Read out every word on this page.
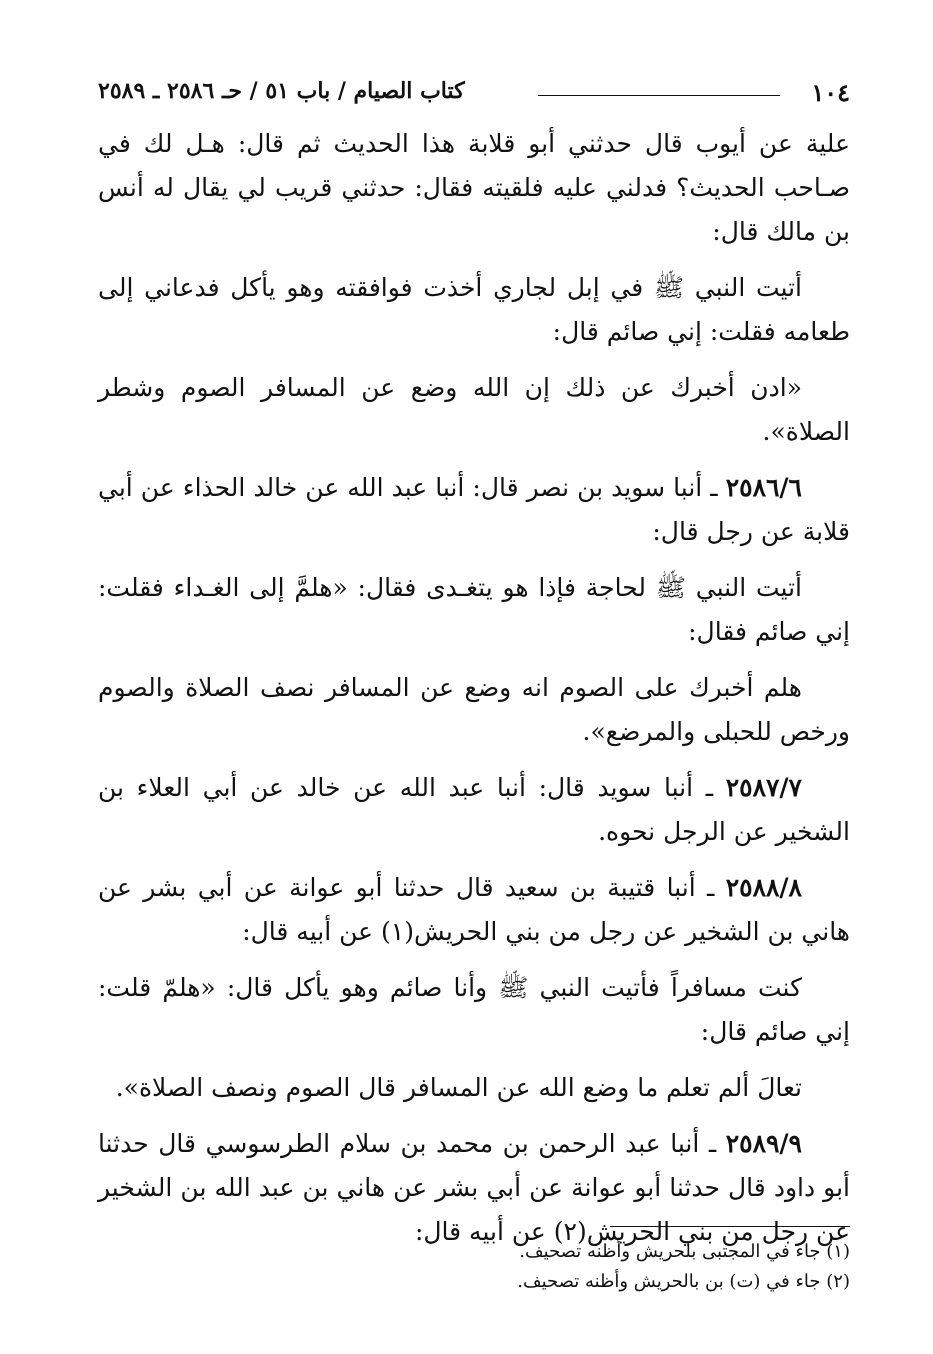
١٠٤
كتاب الصيام / باب ٥١ / حـ ٢٥٨٦ ـ ٢٥٨٩

علية عن أيوب قال حدثني أبو قلابة هذا الحديث ثم قال: هـل لك في صـاحب الحديث؟ فدلني عليه فلقيته فقال: حدثني قريب لي يقال له أنس بن مالك قال:

أتيت النبي ﷺ في إبل لجاري أخذت فوافقته وهو يأكل فدعاني إلى طعامه فقلت: إني صائم قال:

«ادن أخبرك عن ذلك إن الله وضع عن المسافر الصوم وشطر الصلاة».

٢٥٨٦/٦ ـ أنبا سويد بن نصر قال: أنبا عبد الله عن خالد الحذاء عن أبي قلابة عن رجل قال:

أتيت النبي ﷺ لحاجة فإذا هو يتغـدى فقال: «هلمَّ إلى الغـداء فقلت: إني صائم فقال:

هلم أخبرك على الصوم انه وضع عن المسافر نصف الصلاة والصوم ورخص للحبلى والمرضع».

٢٥٨٧/٧ ـ أنبا سويد قال: أنبا عبد الله عن خالد عن أبي العلاء بن الشخير عن الرجل نحوه.

٢٥٨٨/٨ ـ أنبا قتيبة بن سعيد قال حدثنا أبو عوانة عن أبي بشر عن هاني بن الشخير عن رجل من بني الحريش(١) عن أبيه قال:

كنت مسافراً فأتيت النبي ﷺ وأنا صائم وهو يأكل قال: «هلمّ قلت: إني صائم قال:

تعالَ ألم تعلم ما وضع الله عن المسافر قال الصوم ونصف الصلاة».

٢٥٨٩/٩ ـ أنبا عبد الرحمن بن محمد بن سلام الطرسوسي قال حدثنا أبو داود قال حدثنا أبو عوانة عن أبي بشر عن هاني بن عبد الله بن الشخير عن رجل من بني الحريش(٢) عن أبيه قال:

(١) جاء في المجتبى بلحريش وأظنه تصحيف.

(٢) جاء في (ت) بن بالحريش وأظنه تصحيف.
